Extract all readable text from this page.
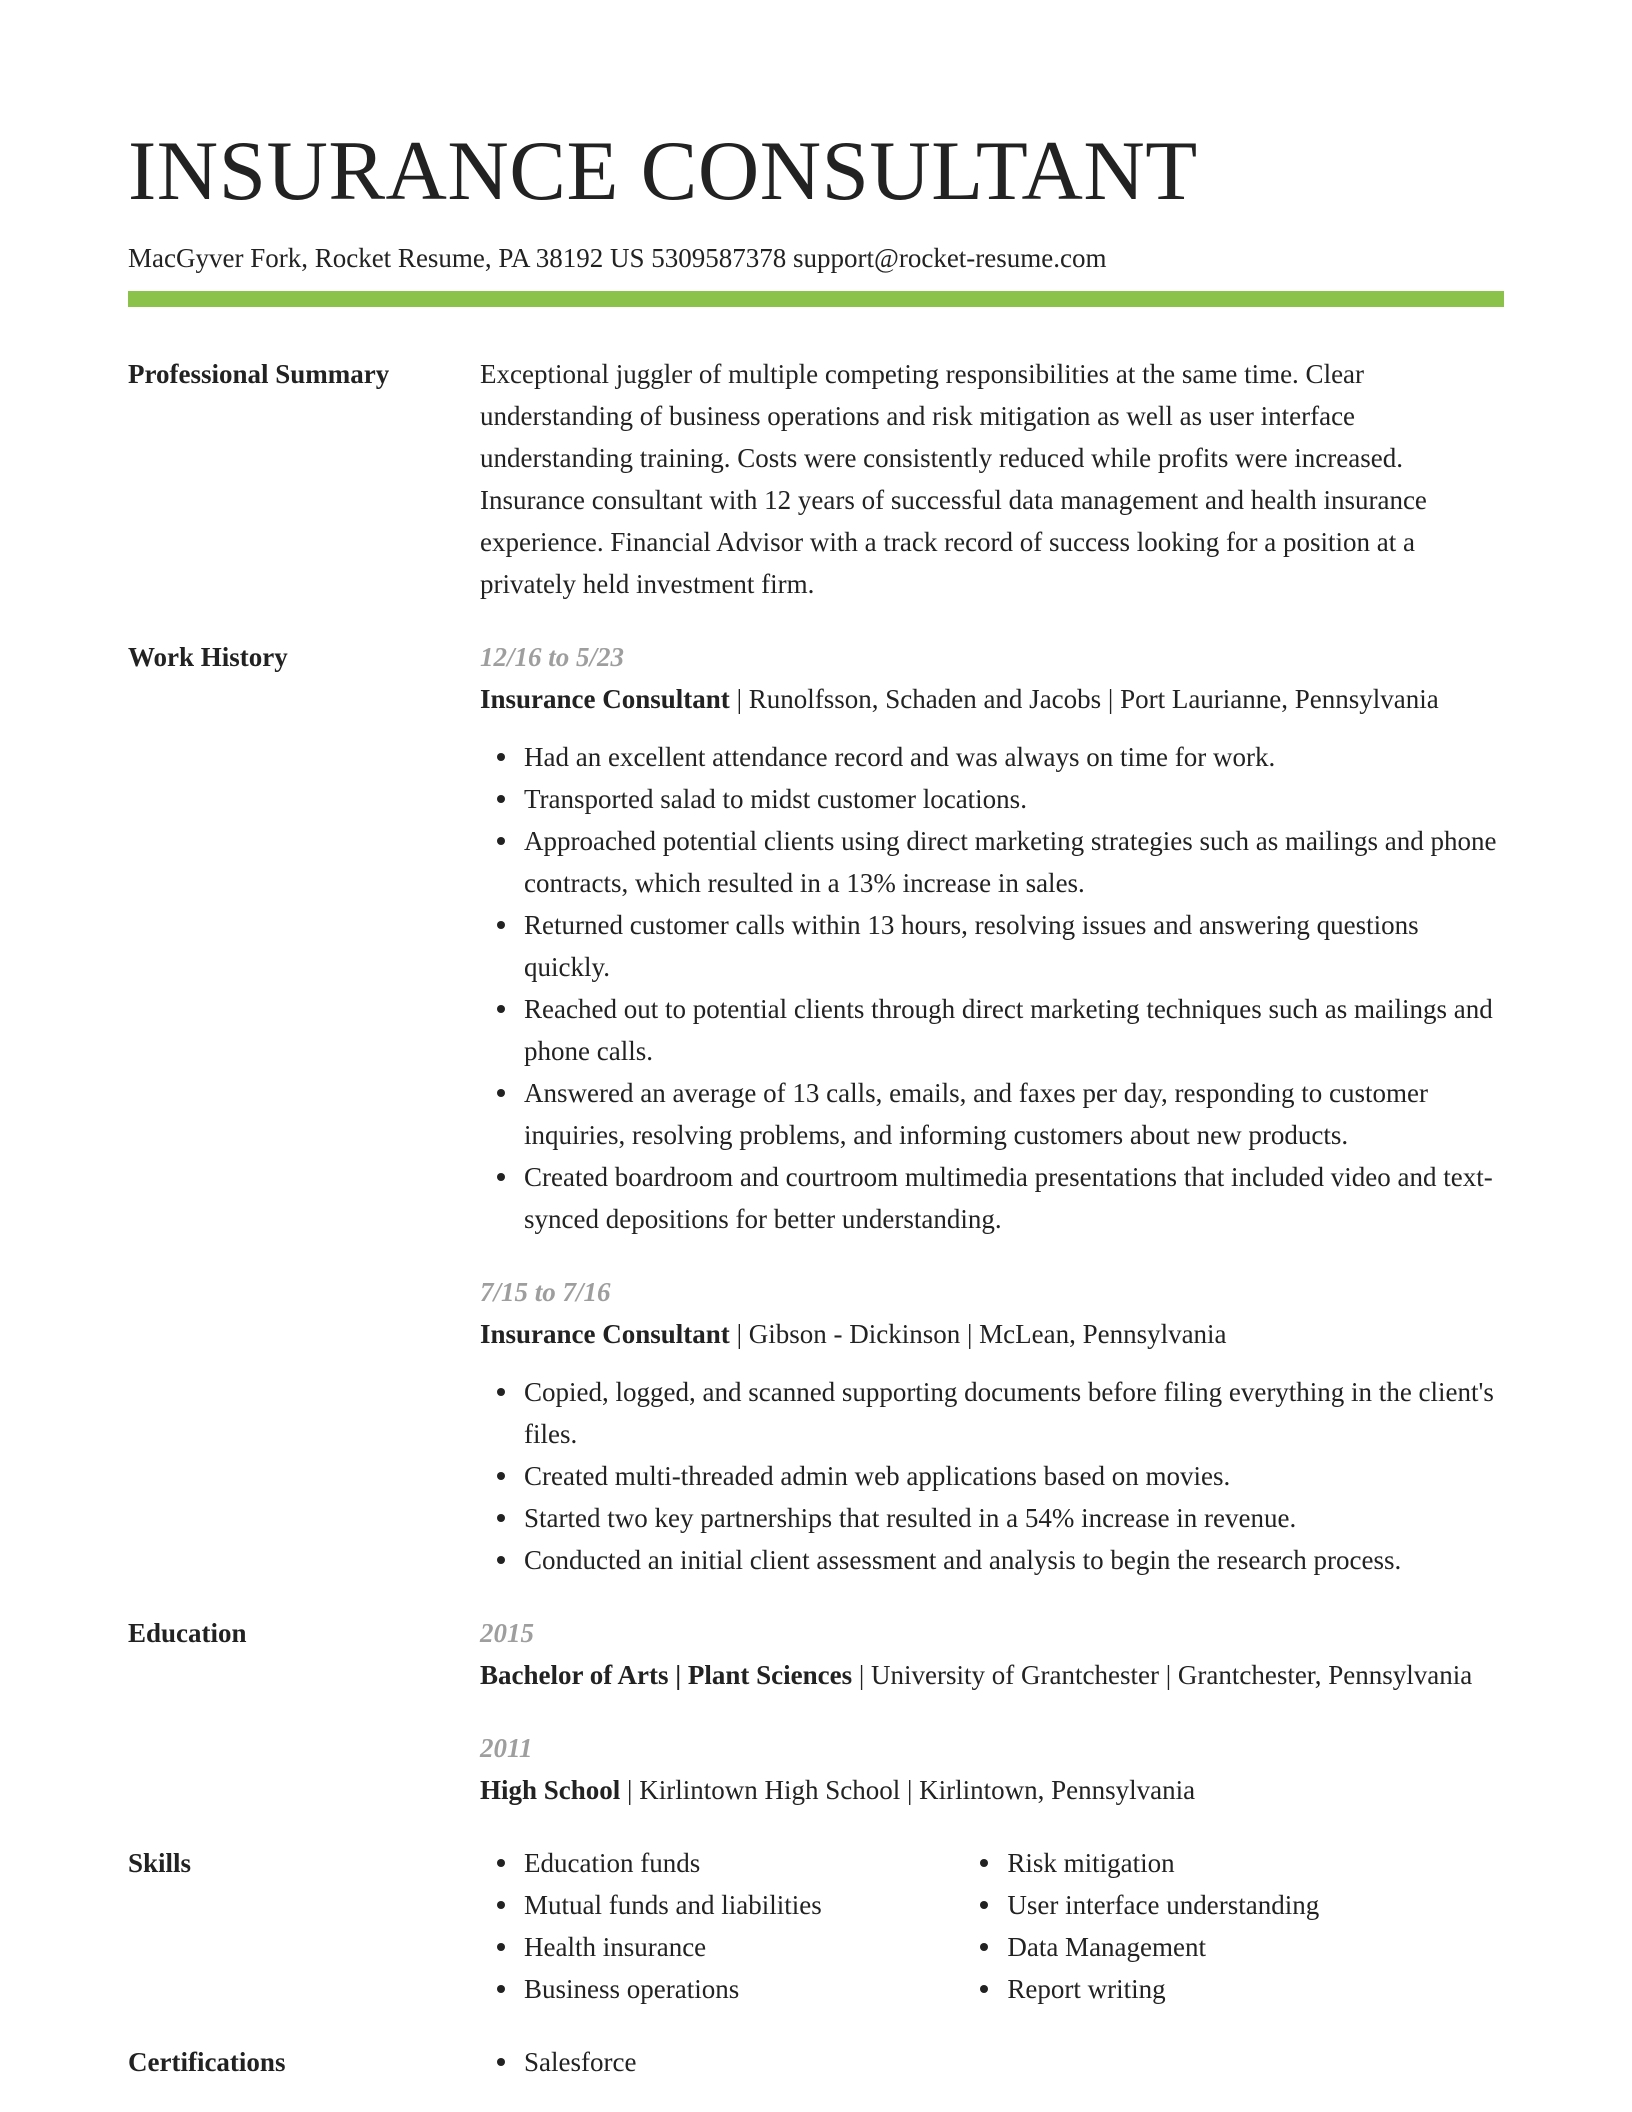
INSURANCE CONSULTANT
MacGyver Fork, Rocket Resume, PA 38192 US 5309587378 support@rocket-resume.com
Professional Summary	Exceptional juggler of multiple competing responsibilities at the same time. Clear understanding of business operations and risk mitigation as well as user interface understanding training. Costs were consistently reduced while profits were increased. Insurance consultant with 12 years of successful data management and health insurance experience. Financial Advisor with a track record of success looking for a position at a privately held investment firm.

Work History	12/16 to 5/23
Insurance Consultant | Runolfsson, Schaden and Jacobs | Port Laurianne, Pennsylvania
Had an excellent attendance record and was always on time for work.
Transported salad to midst customer locations.
Approached potential clients using direct marketing strategies such as mailings and phone contracts, which resulted in a 13% increase in sales.
Returned customer calls within 13 hours, resolving issues and answering questions quickly.
Reached out to potential clients through direct marketing techniques such as mailings and phone calls.
Answered an average of 13 calls, emails, and faxes per day, responding to customer inquiries, resolving problems, and informing customers about new products.
Created boardroom and courtroom multimedia presentations that included video and text-synced depositions for better understanding.
7/15 to 7/16
Insurance Consultant | Gibson - Dickinson | McLean, Pennsylvania
Copied, logged, and scanned supporting documents before filing everything in the client's files.
Created multi-threaded admin web applications based on movies.
Started two key partnerships that resulted in a 54% increase in revenue.
Conducted an initial client assessment and analysis to begin the research process.
Education	2015
Bachelor of Arts | Plant Sciences | University of Grantchester | Grantchester, Pennsylvania
2011
High School | Kirlintown High School | Kirlintown, Pennsylvania
Skills	Education funds
Mutual funds and liabilities
Health insurance
Business operations
Risk mitigation
User interface understanding
Data Management
Report writing
Certifications	Salesforce
